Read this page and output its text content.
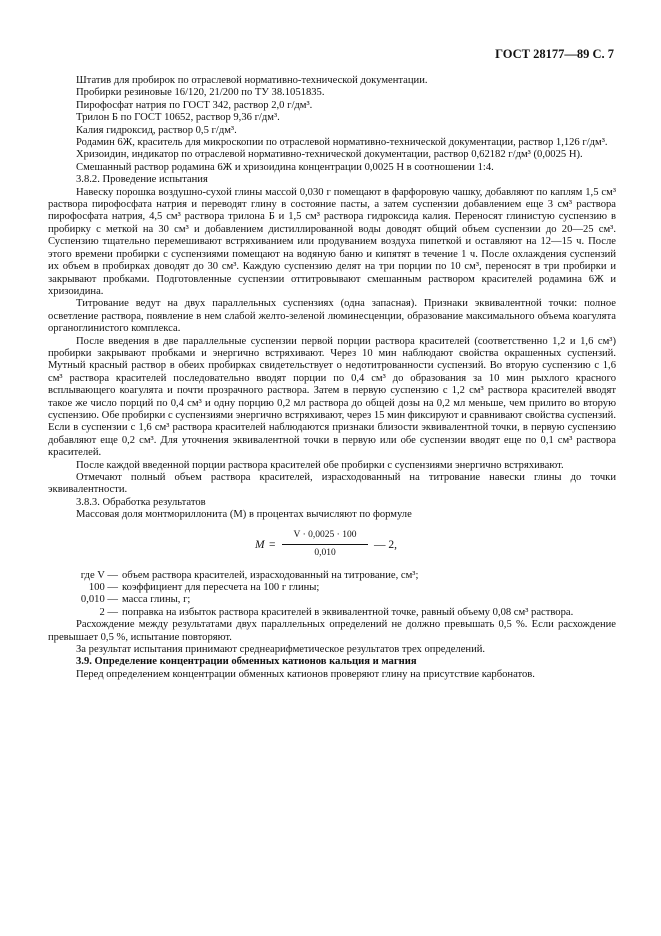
ГОСТ 28177—89 С. 7

Штатив для пробирок по отраслевой нормативно-технической документации.

Пробирки резиновые 16/120, 21/200 по ТУ 38.1051835.

Пирофосфат натрия по ГОСТ 342, раствор 2,0 г/дм³.

Трилон Б по ГОСТ 10652, раствор 9,36 г/дм³.

Калия гидроксид, раствор 0,5 г/дм³.

Родамин 6Ж, краситель для микроскопии по отраслевой нормативно-технической документации, раствор 1,126 г/дм³.

Хризоидин, индикатор по отраслевой нормативно-технической документации, раствор 0,62182 г/дм³ (0,0025 Н).

Смешанный раствор родамина 6Ж и хризоидина концентрации 0,0025 Н в соотношении 1:4.

3.8.2. Проведение испытания

Навеску порошка воздушно-сухой глины массой 0,030 г помещают в фарфоровую чашку, добавляют по каплям 1,5 см³ раствора пирофосфата натрия и переводят глину в состояние пасты, а затем суспензии добавлением еще 3 см³ раствора пирофосфата натрия, 4,5 см³ раствора трилона Б и 1,5 см³ раствора гидроксида калия. Переносят глинистую суспензию в пробирку с меткой на 30 см³ и добавлением дистиллированной воды доводят общий объем суспензии до 20—25 см³. Суспензию тщательно перемешивают встряхиванием или продуванием воздуха пипеткой и оставляют на 12—15 ч. После этого времени пробирки с суспензиями помещают на водяную баню и кипятят в течение 1 ч. После охлаждения суспензий их объем в пробирках доводят до 30 см³. Каждую суспензию делят на три порции по 10 см³, переносят в три пробирки и закрывают пробками. Подготовленные суспензии оттитровывают смешанным раствором красителей родамина 6Ж и хризоидина.

Титрование ведут на двух параллельных суспензиях (одна запасная). Признаки эквивалентной точки: полное осветление раствора, появление в нем слабой желто-зеленой люминесценции, образование максимального объема коагулята органоглинистого комплекса.

После введения в две параллельные суспензии первой порции раствора красителей (соответственно 1,2 и 1,6 см³) пробирки закрывают пробками и энергично встряхивают. Через 10 мин наблюдают свойства окрашенных суспензий. Мутный красный раствор в обеих пробирках свидетельствует о недотитрованности суспензий. Во вторую суспензию с 1,6 см³ раствора красителей последовательно вводят порции по 0,4 см³ до образования за 10 мин рыхлого красного всплывающего коагулята и почти прозрачного раствора. Затем в первую суспензию с 1,2 см³ раствора красителей вводят такое же число порций по 0,4 см³ и одну порцию 0,2 мл раствора до общей дозы на 0,2 мл меньше, чем прилито во вторую суспензию. Обе пробирки с суспензиями энергично встряхивают, через 15 мин фиксируют и сравнивают свойства суспензий. Если в суспензии с 1,6 см³ раствора красителей наблюдаются признаки близости эквивалентной точки, в первую суспензию добавляют еще 0,2 см³. Для уточнения эквивалентной точки в первую или обе суспензии вводят еще по 0,1 см³ раствора красителей.

После каждой введенной порции раствора красителей обе пробирки с суспензиями энергично встряхивают.

Отмечают полный объем раствора красителей, израсходованный на титрование навески глины до точки эквивалентности.

3.8.3. Обработка результатов

Массовая доля монтмориллонита (М) в процентах вычисляют по формуле

M =
V · 0,0025 · 100
0,010
— 2,
где V — объем раствора красителей, израсходованный на титрование, см³;
100 — коэффициент для пересчета на 100 г глины;
0,010 — масса глины, г;
2 — поправка на избыток раствора красителей в эквивалентной точке, равный объему 0,08 см³ раствора.

Расхождение между результатами двух параллельных определений не должно превышать 0,5 %. Если расхождение превышает 0,5 %, испытание повторяют.

За результат испытания принимают среднеарифметическое результатов трех определений.

3.9. Определение концентрации обменных катионов кальция и магния

Перед определением концентрации обменных катионов проверяют глину на присутствие карбонатов.
